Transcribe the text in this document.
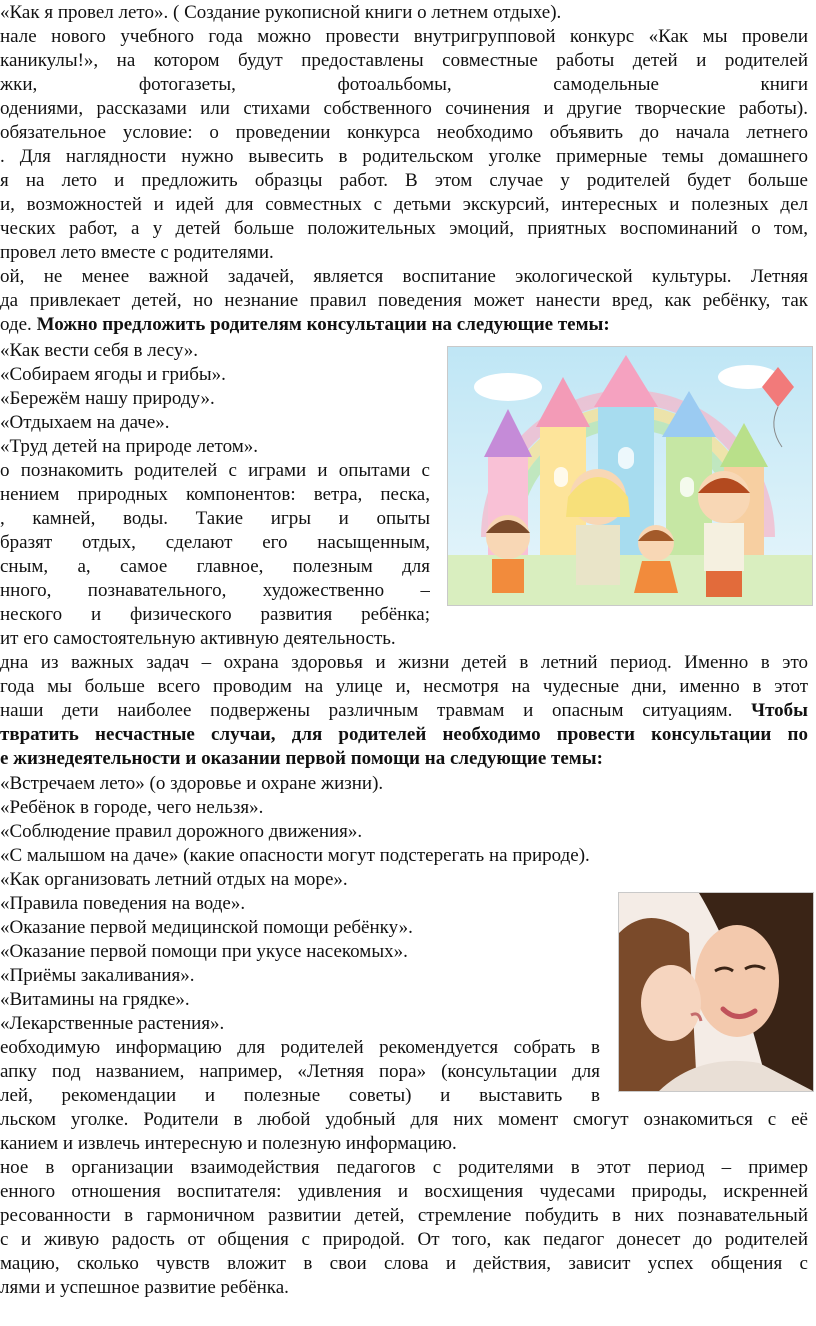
«Как я провел лето». ( Создание рукописной книги о летнем отдыхе).
нале нового учебного года можно провести внутригрупповой конкурс «Как мы провели
каникулы!», на котором будут предоставлены совместные работы детей и родителей
жки, фотогазеты, фотоальбомы, самодельные книги
одениями, рассказами или стихами собственного сочинения и другие творческие работы).
обязательное условие: о проведении конкурса необходимо объявить до начала летнего
. Для наглядности нужно вывесить в родительском уголке примерные темы домашнего
я на лето и предложить образцы работ. В этом случае у родителей будет больше
и, возможностей и идей для совместных с детьми экскурсий, интересных и полезных дел
ческих работ, а у детей больше положительных эмоций, приятных воспоминаний о том,
провел лето вместе с родителями.
ой, не менее важной задачей, является воспитание экологической культуры. Летняя
да привлекает детей, но незнание правил поведения может нанести вред, как ребёнку, так
оде. Можно предложить родителям консультации на следующие темы:
«Как вести себя в лесу».
«Собираем ягоды и грибы».
«Бережём нашу природу».
«Отдыхаем на даче».
«Труд детей на природе летом».
о познакомить родителей с играми и опытами с
нением природных компонентов: ветра, песка,
, камней, воды. Такие игры и опыты
бразят отдых, сделают его насыщенным,
сным, а, самое главное, полезным для
нного, познавательного, художественно –
неского и физического развития ребёнка;
ит его самостоятельную активную деятельность.
дна из важных задач – охрана здоровья и жизни детей в летний период. Именно в это
года мы больше всего проводим на улице и, несмотря на чудесные дни, именно в этот
наши дети наиболее подвержены различным травмам и опасным ситуациям. Чтобы
твратить несчастные случаи, для родителей необходимо провести консультации по
е жизнедеятельности и оказании первой помощи на следующие темы:
«Встречаем лето» (о здоровье и охране жизни).
«Ребёнок в городе, чего нельзя».
«Соблюдение правил дорожного движения».
«С малышом на даче» (какие опасности могут подстерегать на природе).
«Как организовать летний отдых на море».
«Правила поведения на воде».
«Оказание первой медицинской помощи ребёнку».
«Оказание первой помощи при укусе насекомых».
«Приёмы закаливания».
«Витамины на грядке».
«Лекарственные растения».
еобходимую информацию для родителей рекомендуется собрать в
апку под названием, например, «Летняя пора» (консультации для
лей, рекомендации и полезные советы) и выставить в
льском уголке. Родители в любой удобный для них момент смогут ознакомиться с её
канием и извлечь интересную и полезную информацию.
ное в организации взаимодействия педагогов с родителями в этот период – пример
енного отношения воспитателя: удивления и восхищения чудесами природы, искренней
ресованности в гармоничном развитии детей, стремление побудить в них познавательный
с и живую радость от общения с природой. От того, как педагог донесет до родителей
мацию, сколько чувств вложит в свои слова и действия, зависит успех общения с
лями и успешное развитие ребёнка.
